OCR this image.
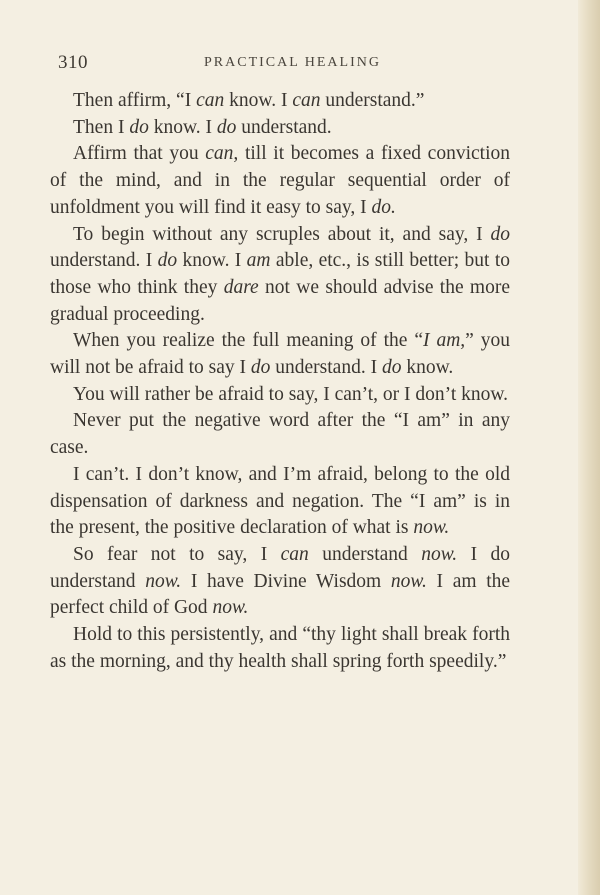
310	PRACTICAL HEALING

Then affirm, “I can know. I can understand.”

Then I do know. I do understand.

Affirm that you can, till it becomes a fixed conviction of the mind, and in the regular sequential order of unfoldment you will find it easy to say, I do.

To begin without any scruples about it, and say, I do understand. I do know. I am able, etc., is still better; but to those who think they dare not we should advise the more gradual proceeding.

When you realize the full meaning of the “I am,” you will not be afraid to say I do understand. I do know.

You will rather be afraid to say, I can’t, or I don’t know.

Never put the negative word after the “I am” in any case.

I can’t. I don’t know, and I’m afraid, belong to the old dispensation of darkness and negation. The “I am” is in the present, the positive declaration of what is now.

So fear not to say, I can understand now. I do understand now. I have Divine Wisdom now. I am the perfect child of God now.

Hold to this persistently, and “thy light shall break forth as the morning, and thy health shall spring forth speedily.”
